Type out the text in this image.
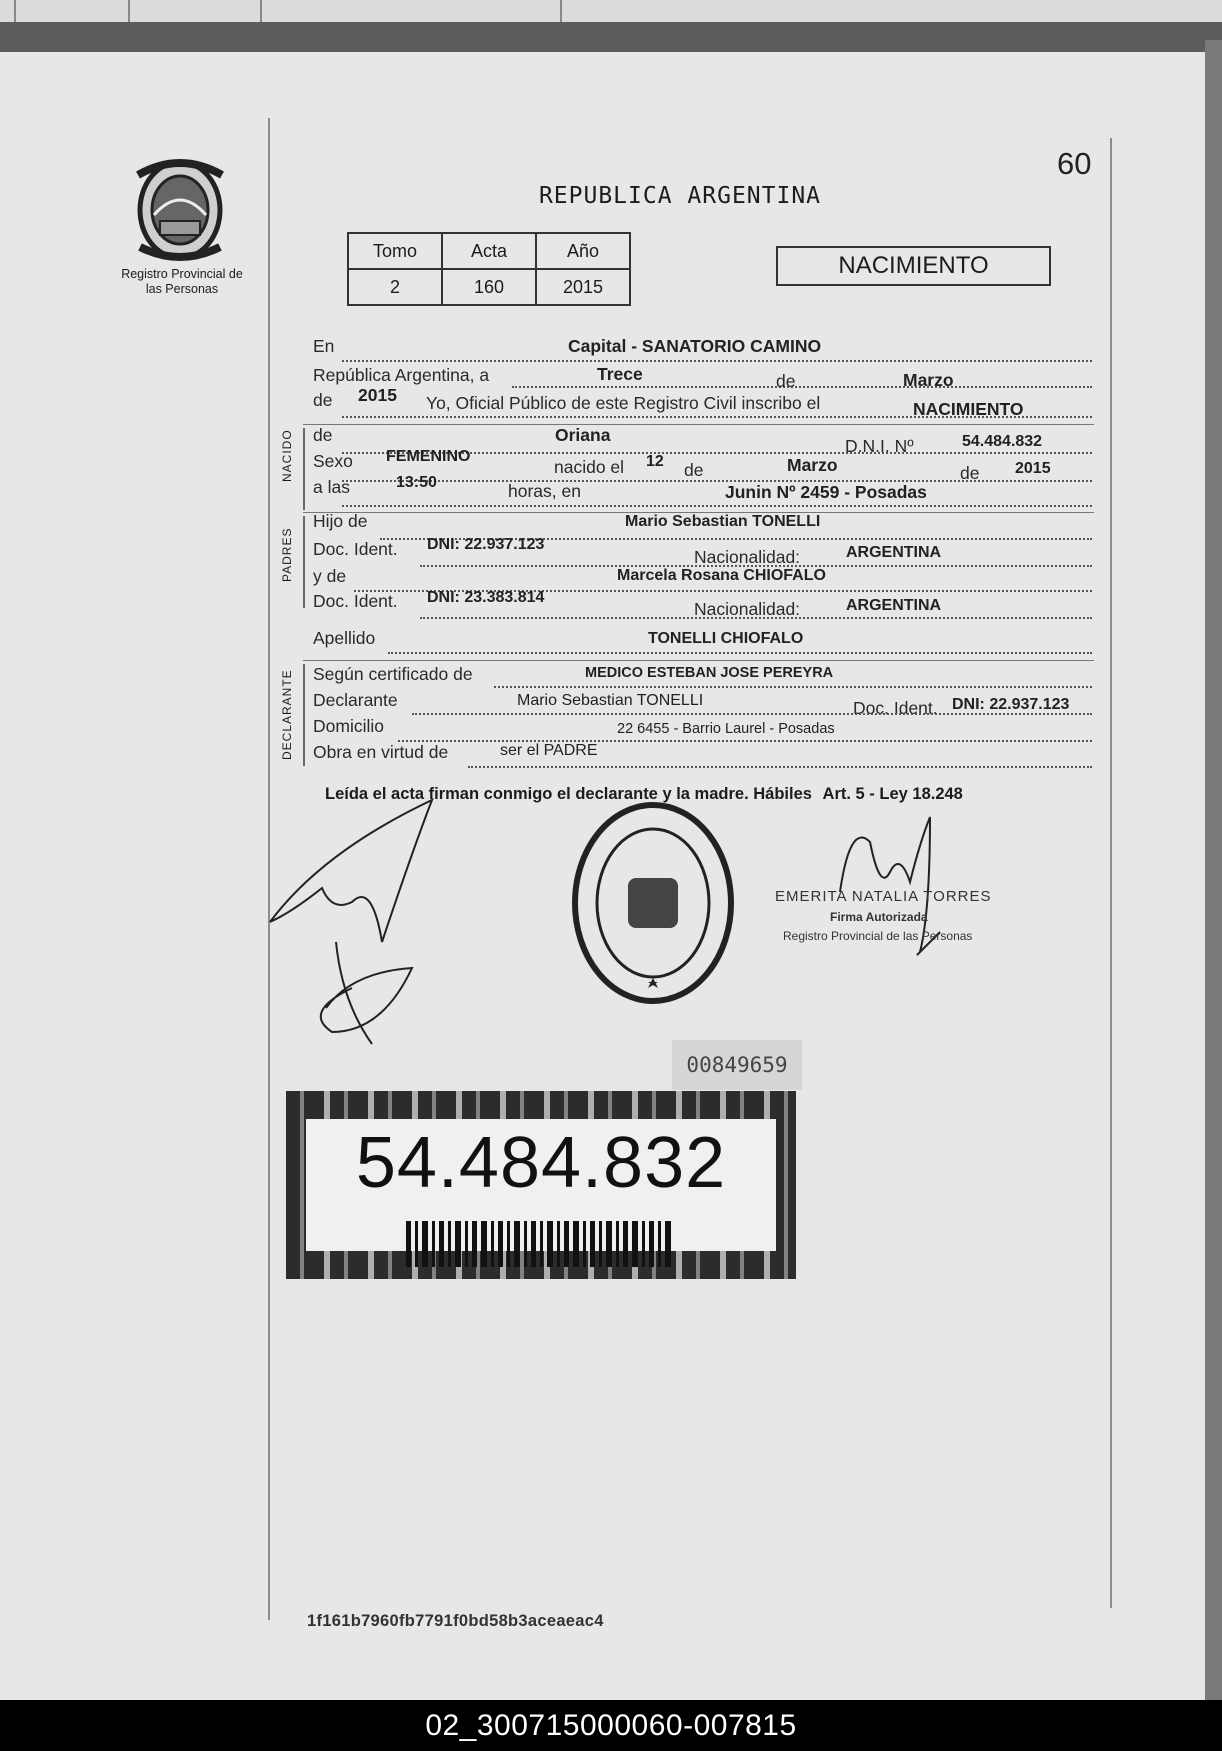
60
Registro Provincial de las Personas
REPUBLICA ARGENTINA
Tomo	Acta	Año
2	160	2015
NACIMIENTO
En	Capital - SANATORIO CAMINO
República Argentina, a	Trece	de	Marzo
de 2015 Yo, Oficial Público de este Registro Civil inscribo el	NACIMIENTO
NACIDO de	Oriana
D.N.I. Nº	54.484.832
Sexo FEMENINO
nacido el 12 de	Marzo	de 2015
a las	13:50	horas, en	Junin Nº 2459 - Posadas
PADRES
Hijo de	Mario Sebastian TONELLI
Doc. Ident. DNI: 22.937.123
Nacionalidad:	ARGENTINA
y de	Marcela Rosana CHIOFALO
Doc. Ident. DNI: 23.383.814
Nacionalidad:	ARGENTINA
Apellido	TONELLI CHIOFALO
DECLARANTE Según certificado de	MEDICO ESTEBAN JOSE PEREYRA
Declarante	Mario Sebastian TONELLI	Doc. Ident. DNI: 22.937.123
Domicilio	22 6455 - Barrio Laurel - Posadas
Obra en virtud de	ser el PADRE
Leída el acta firman conmigo el declarante y la madre. Hábiles Art. 5 - Ley 18.248
EMERITA NATALIA TORRES
Firma Autorizada
Registro Provincial de las Personas
00849659
54.484.832
1f161b7960fb7791f0bd58b3aceaeac4
02_300715000060-007815
